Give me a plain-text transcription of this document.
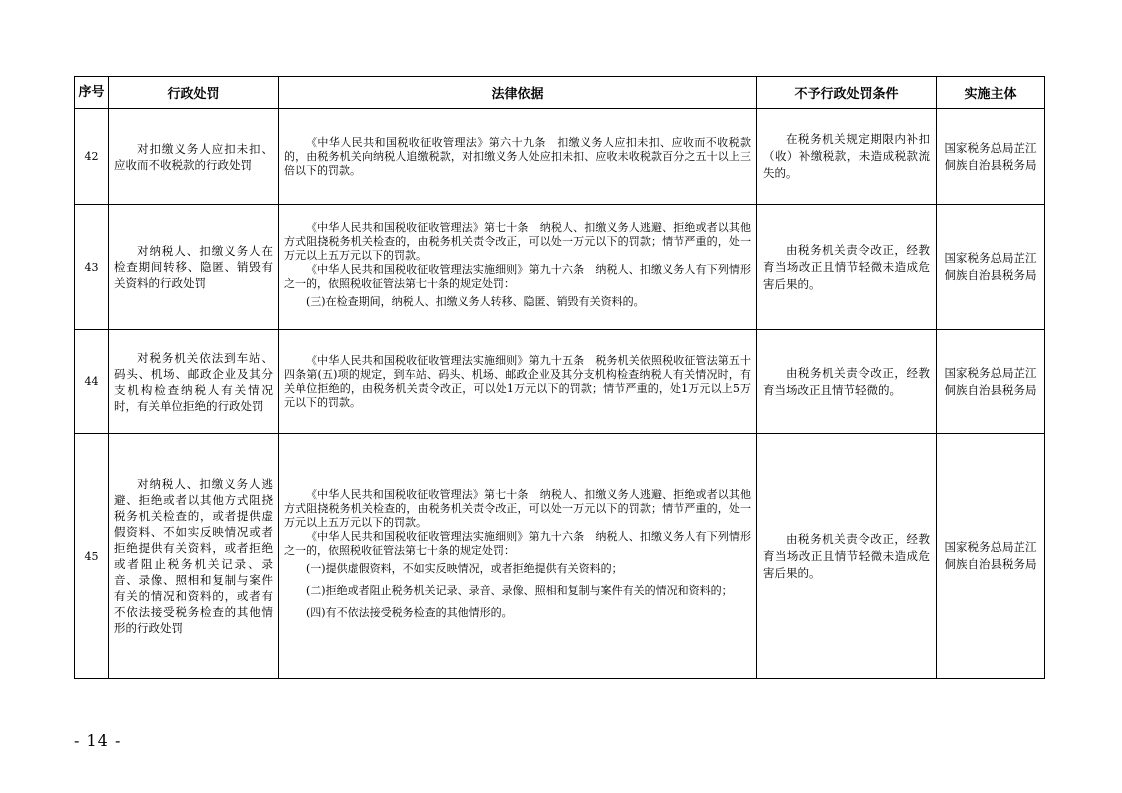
序号	行政处罚	法律依据	不予行政处罚条件	实施主体
42	对扣缴义务人应扣未扣、应收而不收税款的行政处罚	《中华人民共和国税收征收管理法》第六十九条　扣缴义务人应扣未扣、应收而不收税款的，由税务机关向纳税人追缴税款，对扣缴义务人处应扣未扣、应收未收税款百分之五十以上三倍以下的罚款。	在税务机关规定期限内补扣（收）补缴税款，未造成税款流失的。	国家税务总局芷江侗族自治县税务局
43	对纳税人、扣缴义务人在检查期间转移、隐匿、销毁有关资料的行政处罚	《中华人民共和国税收征收管理法》第七十条　纳税人、扣缴义务人逃避、拒绝或者以其他方式阻挠税务机关检查的，由税务机关责令改正，可以处一万元以下的罚款；情节严重的，处一万元以上五万元以下的罚款。

《中华人民共和国税收征收管理法实施细则》第九十六条　纳税人、扣缴义务人有下列情形之一的，依照税收征管法第七十条的规定处罚：

(三)在检查期间，纳税人、扣缴义务人转移、隐匿、销毁有关资料的。	由税务机关责令改正，经教育当场改正且情节轻微未造成危害后果的。	国家税务总局芷江侗族自治县税务局
44	对税务机关依法到车站、码头、机场、邮政企业及其分支机构检查纳税人有关情况时，有关单位拒绝的行政处罚	《中华人民共和国税收征收管理法实施细则》第九十五条　税务机关依照税收征管法第五十四条第(五)项的规定，到车站、码头、机场、邮政企业及其分支机构检查纳税人有关情况时，有关单位拒绝的，由税务机关责令改正，可以处1万元以下的罚款；情节严重的，处1万元以上5万元以下的罚款。	由税务机关责令改正，经教育当场改正且情节轻微的。	国家税务总局芷江侗族自治县税务局
45	对纳税人、扣缴义务人逃避、拒绝或者以其他方式阻挠税务机关检查的，或者提供虚假资料、不如实反映情况或者拒绝提供有关资料，或者拒绝或者阻止税务机关记录、录音、录像、照相和复制与案件有关的情况和资料的，或者有不依法接受税务检查的其他情形的行政处罚	《中华人民共和国税收征收管理法》第七十条　纳税人、扣缴义务人逃避、拒绝或者以其他方式阻挠税务机关检查的，由税务机关责令改正，可以处一万元以下的罚款；情节严重的，处一万元以上五万元以下的罚款。

《中华人民共和国税收征收管理法实施细则》第九十六条　纳税人、扣缴义务人有下列情形之一的，依照税收征管法第七十条的规定处罚：

(一)提供虚假资料，不如实反映情况，或者拒绝提供有关资料的；

(二)拒绝或者阻止税务机关记录、录音、录像、照相和复制与案件有关的情况和资料的；

(四)有不依法接受税务检查的其他情形的。	由税务机关责令改正，经教育当场改正且情节轻微未造成危害后果的。	国家税务总局芷江侗族自治县税务局
- 14 -
